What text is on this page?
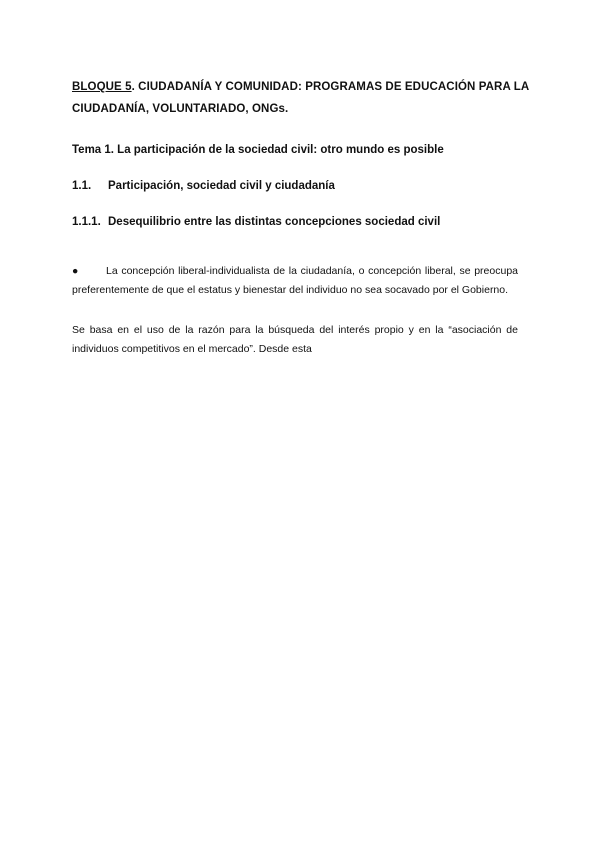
BLOQUE 5. CIUDADANÍA Y COMUNIDAD: PROGRAMAS DE EDUCACIÓN PARA LA CIUDADANÍA, VOLUNTARIADO, ONGs.
Tema 1. La participación de la sociedad civil: otro mundo es posible
1.1. Participación, sociedad civil y ciudadanía
1.1.1. Desequilibrio entre las distintas concepciones sociedad civil
●	La concepción liberal-individualista de la ciudadanía, o concepción liberal, se preocupa preferentemente de que el estatus y bienestar del individuo no sea socavado por el Gobierno.
Se basa en el uso de la razón para la búsqueda del interés propio y en la “asociación de individuos competitivos en el mercado”. Desde esta
